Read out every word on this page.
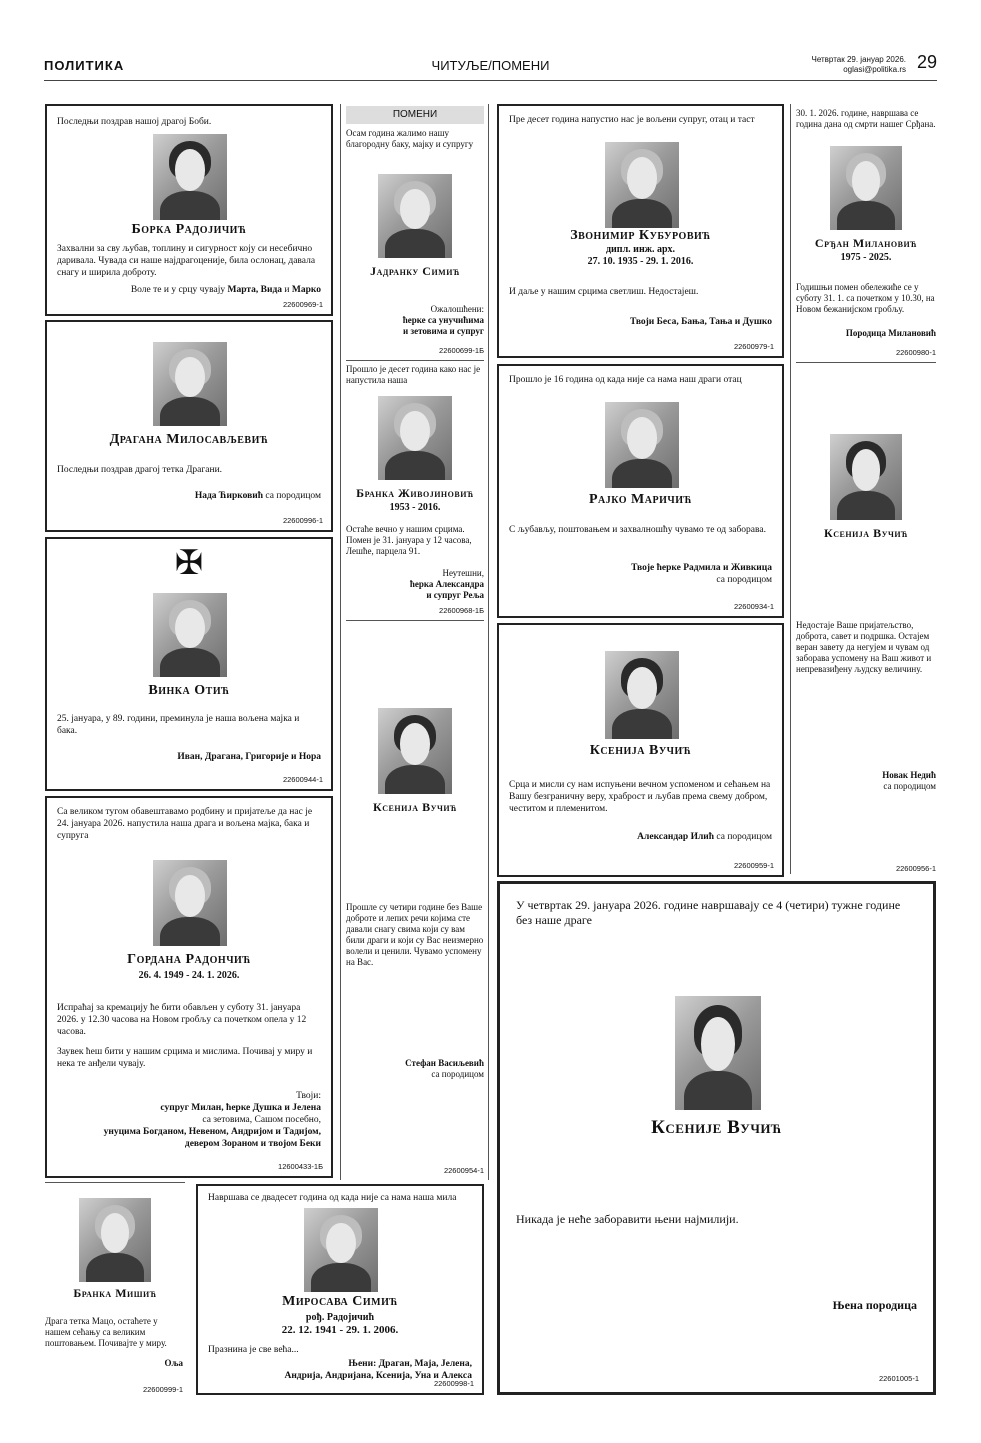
ПОЛИТИКА	ЧИТУЉЕ/ПОМЕНИ	Четвртак 29. јануар 2026.
oglasi@politika.rs 29
Последњи поздрав нашој драгој Боби.
Борка Радојичић
Захвални за сву љубав, топлину и сигурност коју си несебично даривала. Чувада си наше најдрагоценије, била ослонац, давала снагу и ширила доброту.
Воле те и у срцу чувају Марта, Вида и Марко
22600969-1
Драгана Милосављевић
Последњи поздрав драгој тетка Драгани.
Нада Ћирковић са породицом
22600996-1
✠
Винка Отић
25. јануара, у 89. години, преминула је наша вољена мајка и бака.
Иван, Драгана, Григорије и Нора
22600944-1
Са великом тугом обавештавамо родбину и пријатеље да нас је 24. јануара 2026. напустила наша драга и вољена мајка, бака и супруга
Гордана Радончић
26. 4. 1949 - 24. 1. 2026.
Испраћај за кремацију ће бити обављен у суботу 31. јануара 2026. у 12.30 часова на Новом гробљу са почетком опела у 12 часова.
Заувек ћеш бити у нашим срцима и мислима. Почивај у миру и нека те анђели чувају.
Твоји:
супруг Милан, ћерке Душка и Јелена
са зетовима, Сашом посебно,
унуцима Богданом, Невеном, Андријом и Тадијом,
девером Зораном и твојом Беки
12600433-1Б
Бранка Мишић
Драга тетка Мацо, остаћете у нашем сећању са великим поштовањем. Почивајте у миру.
Оља
22600999-1
ПОМЕНИ
Осам година жалимо нашу благородну баку, мајку и супругу
Јадранку Симић
Ожалошћени:
ћерке са унучићима
и зетовима и супруг
22600699-1Б
Прошло је десет година како нас је напустила наша
Бранка Живојиновић
1953 - 2016.
Остаће вечно у нашим срцима. Помен је 31. јануара у 12 часова, Лешће, парцела 91.
Неутешни,
ћерка Александра
и супруг Реља
22600968-1Б
Ксенија Вучић
Прошле су четири године без Ваше доброте и лепих речи којима сте давали снагу свима који су вам били драги и који су Вас неизмерно волели и ценили. Чувамо успомену на Вас.
Стефан Васиљевић
са породицом
22600954-1
Пре десет година напустио нас је вољени супруг, отац и таст
Звонимир Кубуровић
дипл. инж. арх.
27. 10. 1935 - 29. 1. 2016.
И даље у нашим срцима светлиш. Недостајеш.
Твоји Беса, Бања, Тања и Душко
22600979-1
Прошло је 16 година од када није са нама наш драги отац
Рајко Маричић
С љубављу, поштовањем и захвалношћу чувамо те од заборава.
Твоје ћерке Радмила и Живкица
са породицом
22600934-1
Ксенија Вучић
Срца и мисли су нам испуњени вечном успоменом и сећањем на Вашу безграничну веру, храброст и љубав према свему добром, честитом и племенитом.
Александар Илић са породицом
22600959-1
30. 1. 2026. године, навршава се година дана од смрти нашег Срђана.
Срђан Милановић
1975 - 2025.
Годишњи помен обележиће се у суботу 31. 1. са почетком у 10.30, на Новом бежанијском гробљу.
Породица Милановић
22600980-1
Ксенија Вучић
Недостаје Ваше пријатељство, доброта, савет и подршка. Остајем веран завету да негујем и чувам од заборава успомену на Ваш живот и непревазиђену људску величину.
Новак Недић
са породицом
22600956-1
У четвртак 29. јануара 2026. године навршавају се 4 (четири) тужне године без наше драге
Ксеније Вучић
Никада је неће заборавити њени најмилији.
Њена породица
22601005-1
Навршава се двадесет година од када није са нама наша мила
Миросава Симић
рођ. Радојичић
22. 12. 1941 - 29. 1. 2006.
Празнина је све већа...
Њени: Драган, Маја, Јелена,
Андрија, Андријана, Ксенија, Уна и Алекса
22600998-1
